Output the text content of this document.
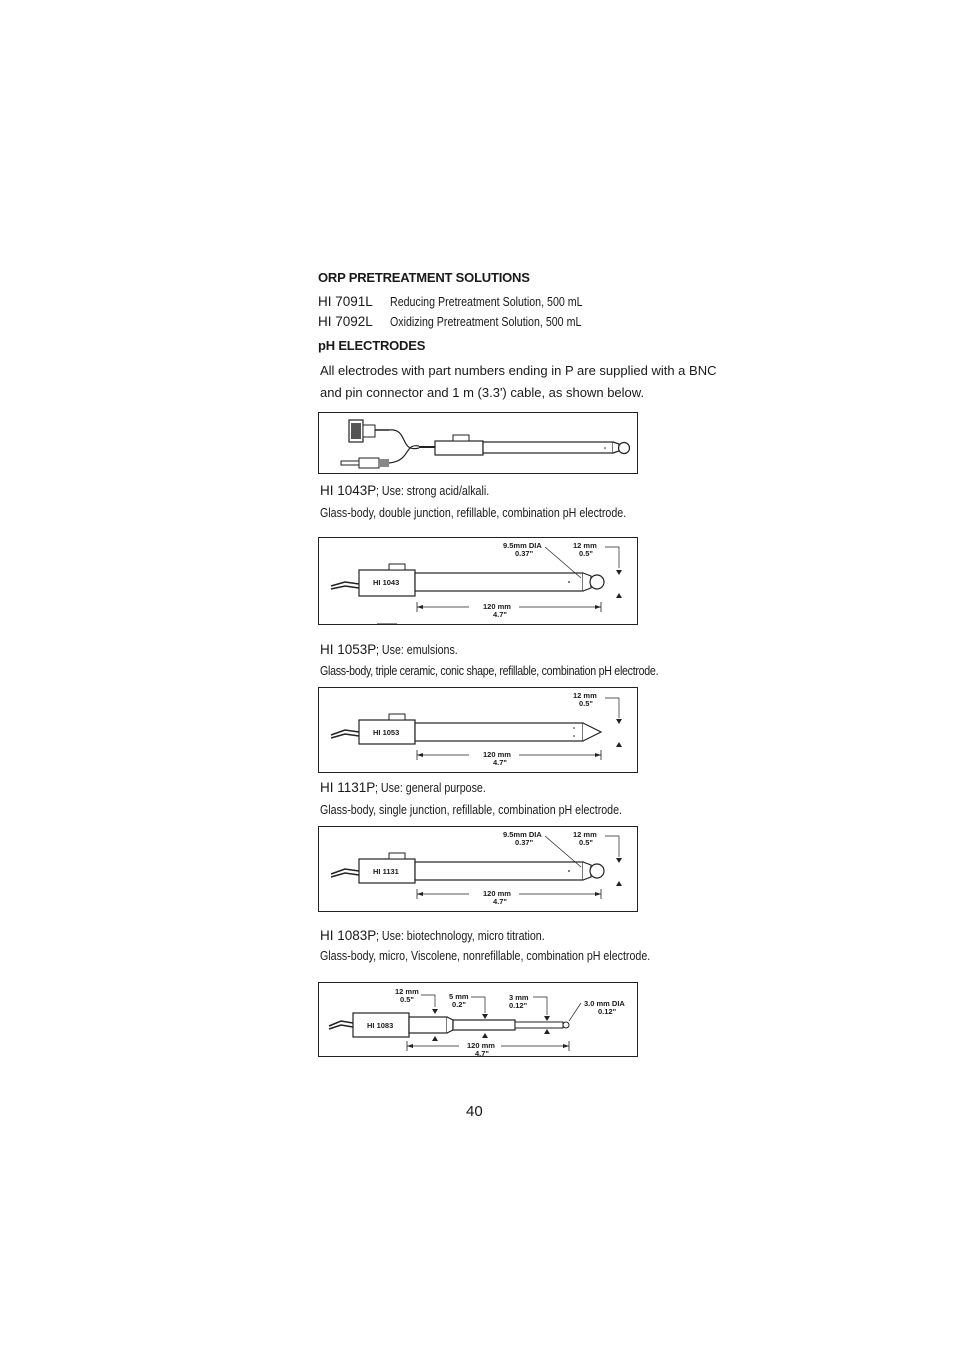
ORP PRETREATMENT SOLUTIONS
HI 7091L Reducing Pretreatment Solution, 500 mL
HI 7092L Oxidizing Pretreatment Solution, 500 mL
pH ELECTRODES
All electrodes with part numbers ending in P are supplied with a BNC
and pin connector and 1 m (3.3') cable, as shown below.
HI 1043P; Use: strong acid/alkali.
Glass-body, double junction, refillable, combination pH electrode.
HI 1043
9.5mm DIA
0.37"
12 mm
0.5"
120 mm
4.7"
HI 1053P; Use: emulsions.
Glass-body, triple ceramic, conic shape, refillable, combination pH electrode.
HI 1053
12 mm
0.5"
120 mm
4.7"
HI 1131P; Use: general purpose.
Glass-body, single junction, refillable, combination pH electrode.
HI 1131
9.5mm DIA
0.37"
12 mm
0.5"
120 mm
4.7"
HI 1083P; Use: biotechnology, micro titration.
Glass-body, micro, Viscolene, nonrefillable, combination pH electrode.
HI 1083
12 mm
0.5"	5 mm
0.2"
3 mm
0.12"	3.0 mm DIA
0.12"
120 mm
4.7"
40
